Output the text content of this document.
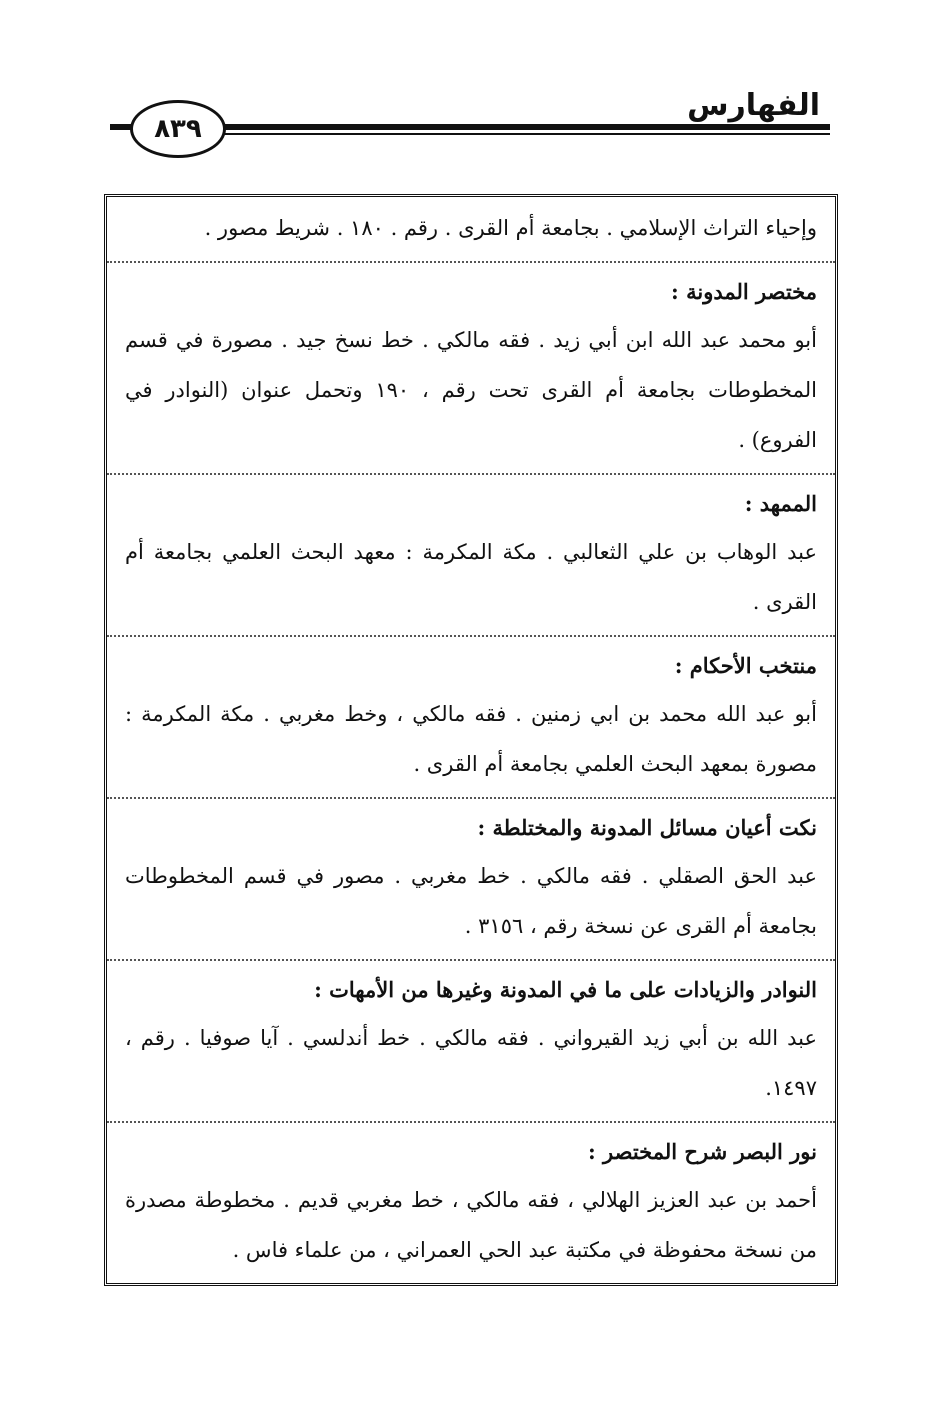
٨٣٩
الفهارس
وإحياء التراث الإسلامي . بجامعة أم القرى . رقم . ١٨٠ . شريط مصور .
مختصر المدونة :
أبو محمد عبد الله ابن أبي زيد . فقه مالكي . خط نسخ جيد . مصورة في قسم المخطوطات بجامعة أم القرى تحت رقم ، ١٩٠ وتحمل عنوان (النوادر في الفروع) .
الممهد :
عبد الوهاب بن علي الثعالبي . مكة المكرمة : معهد البحث العلمي بجامعة أم القرى .
منتخب الأحكام :
أبو عبد الله محمد بن ابي زمنين . فقه مالكي ، وخط مغربي . مكة المكرمة : مصورة بمعهد البحث العلمي بجامعة أم القرى .
نكت أعيان مسائل المدونة والمختلطة :
عبد الحق الصقلي . فقه مالكي . خط مغربي . مصور في قسم المخطوطات بجامعة أم القرى عن نسخة رقم ، ٣١٥٦ .
النوادر والزيادات على ما في المدونة وغيرها من الأمهات :
عبد الله بن أبي زيد القيرواني . فقه مالكي . خط أندلسي . آيا صوفيا . رقم ، ١٤٩٧.
نور البصر شرح المختصر :
أحمد بن عبد العزيز الهلالي ، فقه مالكي ، خط مغربي قديم . مخطوطة مصدرة من نسخة محفوظة في مكتبة عبد الحي العمراني ، من علماء فاس .
